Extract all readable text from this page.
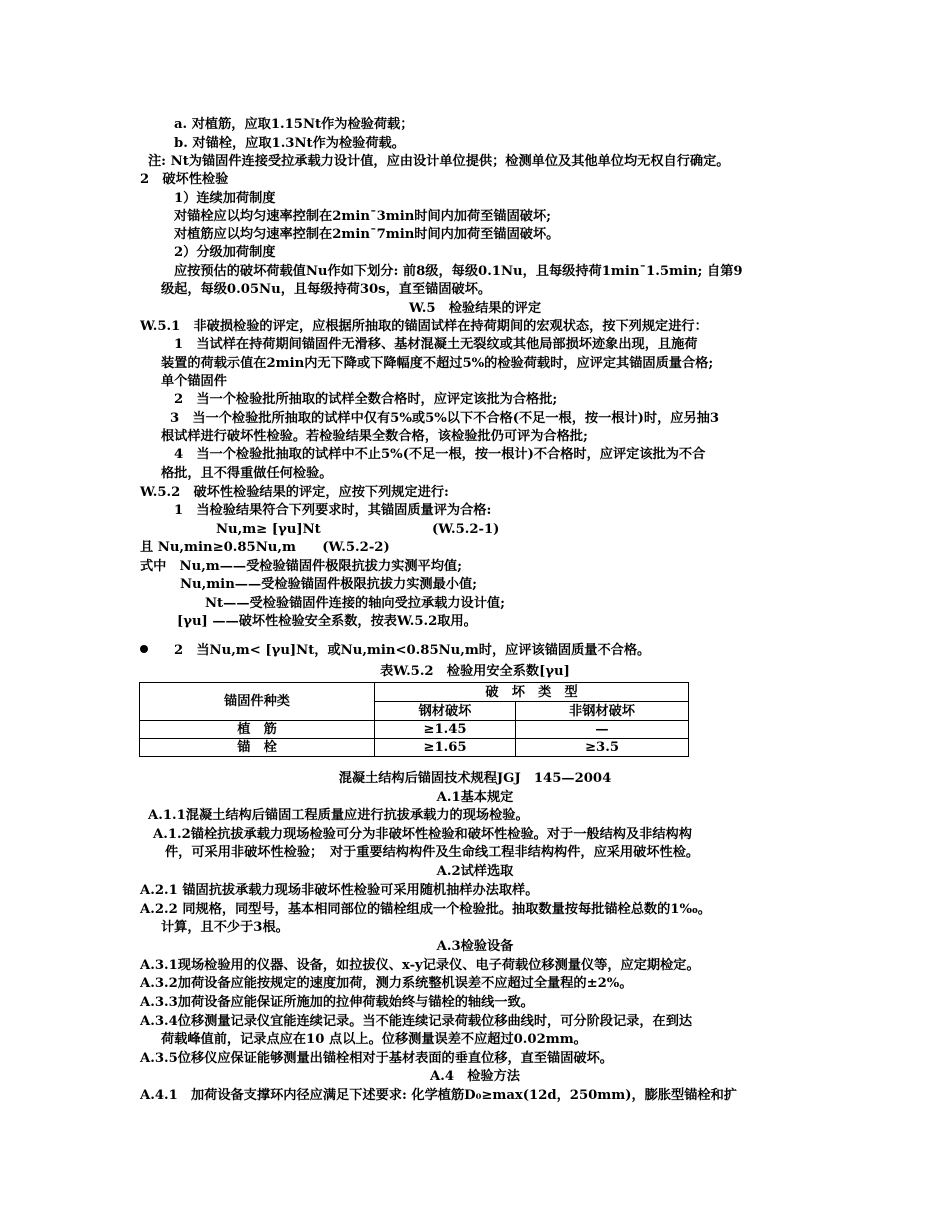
a. 对植筋，应取1.15Nt作为检验荷载；
b. 对锚栓，应取1.3Nt作为检验荷载。
注: Nt为锚固件连接受拉承载力设计值，应由设计单位提供；检测单位及其他单位均无权自行确定。
2　破坏性检验
1）连续加荷制度
对锚栓应以均匀速率控制在2min¯3min时间内加荷至锚固破坏;
对植筋应以均匀速率控制在2min¯7min时间内加荷至锚固破坏。
2）分级加荷制度
应按预估的破坏荷载值Nu作如下划分: 前8级，每级0.1Nu，且每级持荷1min¯1.5min; 自第9
级起，每级0.05Nu，且每级持荷30s，直至锚固破坏。
W.5　检验结果的评定
W.5.1　非破损检验的评定，应根据所抽取的锚固试样在持荷期间的宏观状态，按下列规定进行：
1　当试样在持荷期间锚固件无滑移、基材混凝土无裂纹或其他局部损坏迹象出现，且施荷
装置的荷载示值在2min内无下降或下降幅度不超过5%的检验荷载时，应评定其锚固质量合格;
单个锚固件
2　当一个检验批所抽取的试样全数合格时，应评定该批为合格批;
3　当一个检验批所抽取的试样中仅有5%或5%以下不合格(不足一根，按一根计)时，应另抽3
根试样进行破坏性检验。若检验结果全数合格，该检验批仍可评为合格批;
4　当一个检验批抽取的试样中不止5%(不足一根，按一根计)不合格时，应评定该批为不合
格批，且不得重做任何检验。
W.5.2　破坏性检验结果的评定，应按下列规定进行:
1　当检验结果符合下列要求时，其锚固质量评为合格:
Nu,m≥ [γu]Nt	(W.5.2-1)
且 Nu,min≥0.85Nu,m　　(W.5.2-2)
式中　Nu,m——受检验锚固件极限抗拔力实测平均值;
Nu,min——受检验锚固件极限抗拔力实测最小值;
Nt——受检验锚固件连接的轴向受拉承载力设计值;
[γu] ——破坏性检验安全系数，按表W.5.2取用。
2　当Nu,m< [γu]Nt，或Nu,min<0.85Nu,m时，应评该锚固质量不合格。
表W.5.2　检验用安全系数[γu]
锚固件种类	破　坏　类　型	
	钢材破坏	非钢材破坏
植　筋	≥1.45	—
锚　栓	≥1.65	≥3.5
混凝土结构后锚固技术规程JGJ　145—2004
A.1基本规定
A.1.1混凝土结构后锚固工程质量应进行抗拔承载力的现场检验。
A.1.2锚栓抗拔承载力现场检验可分为非破坏性检验和破坏性检验。对于一般结构及非结构构
件，可采用非破坏性检验；　对于重要结构构件及生命线工程非结构构件，应采用破坏性检。
A.2试样选取
A.2.1 锚固抗拔承载力现场非破坏性检验可采用随机抽样办法取样。
A.2.2 同规格，同型号，基本相同部位的锚栓组成一个检验批。抽取数量按每批锚栓总数的1‰。
计算，且不少于3根。
A.3检验设备
A.3.1现场检验用的仪器、设备，如拉拔仪、x-y记录仪、电子荷载位移测量仪等，应定期检定。
A.3.2加荷设备应能按规定的速度加荷，测力系统整机误差不应超过全量程的±2%。
A.3.3加荷设备应能保证所施加的拉伸荷载始终与锚栓的轴线一致。
A.3.4位移测量记录仪宜能连续记录。当不能连续记录荷载位移曲线时，可分阶段记录，在到达
荷载峰值前，记录点应在10 点以上。位移测量误差不应超过0.02mm。
A.3.5位移仪应保证能够测量出锚栓相对于基材表面的垂直位移，直至锚固破坏。
A.4　检验方法
A.4.1　加荷设备支撑环内径应满足下述要求: 化学植筋D₀≥max(12d，250mm)，膨胀型锚栓和扩
